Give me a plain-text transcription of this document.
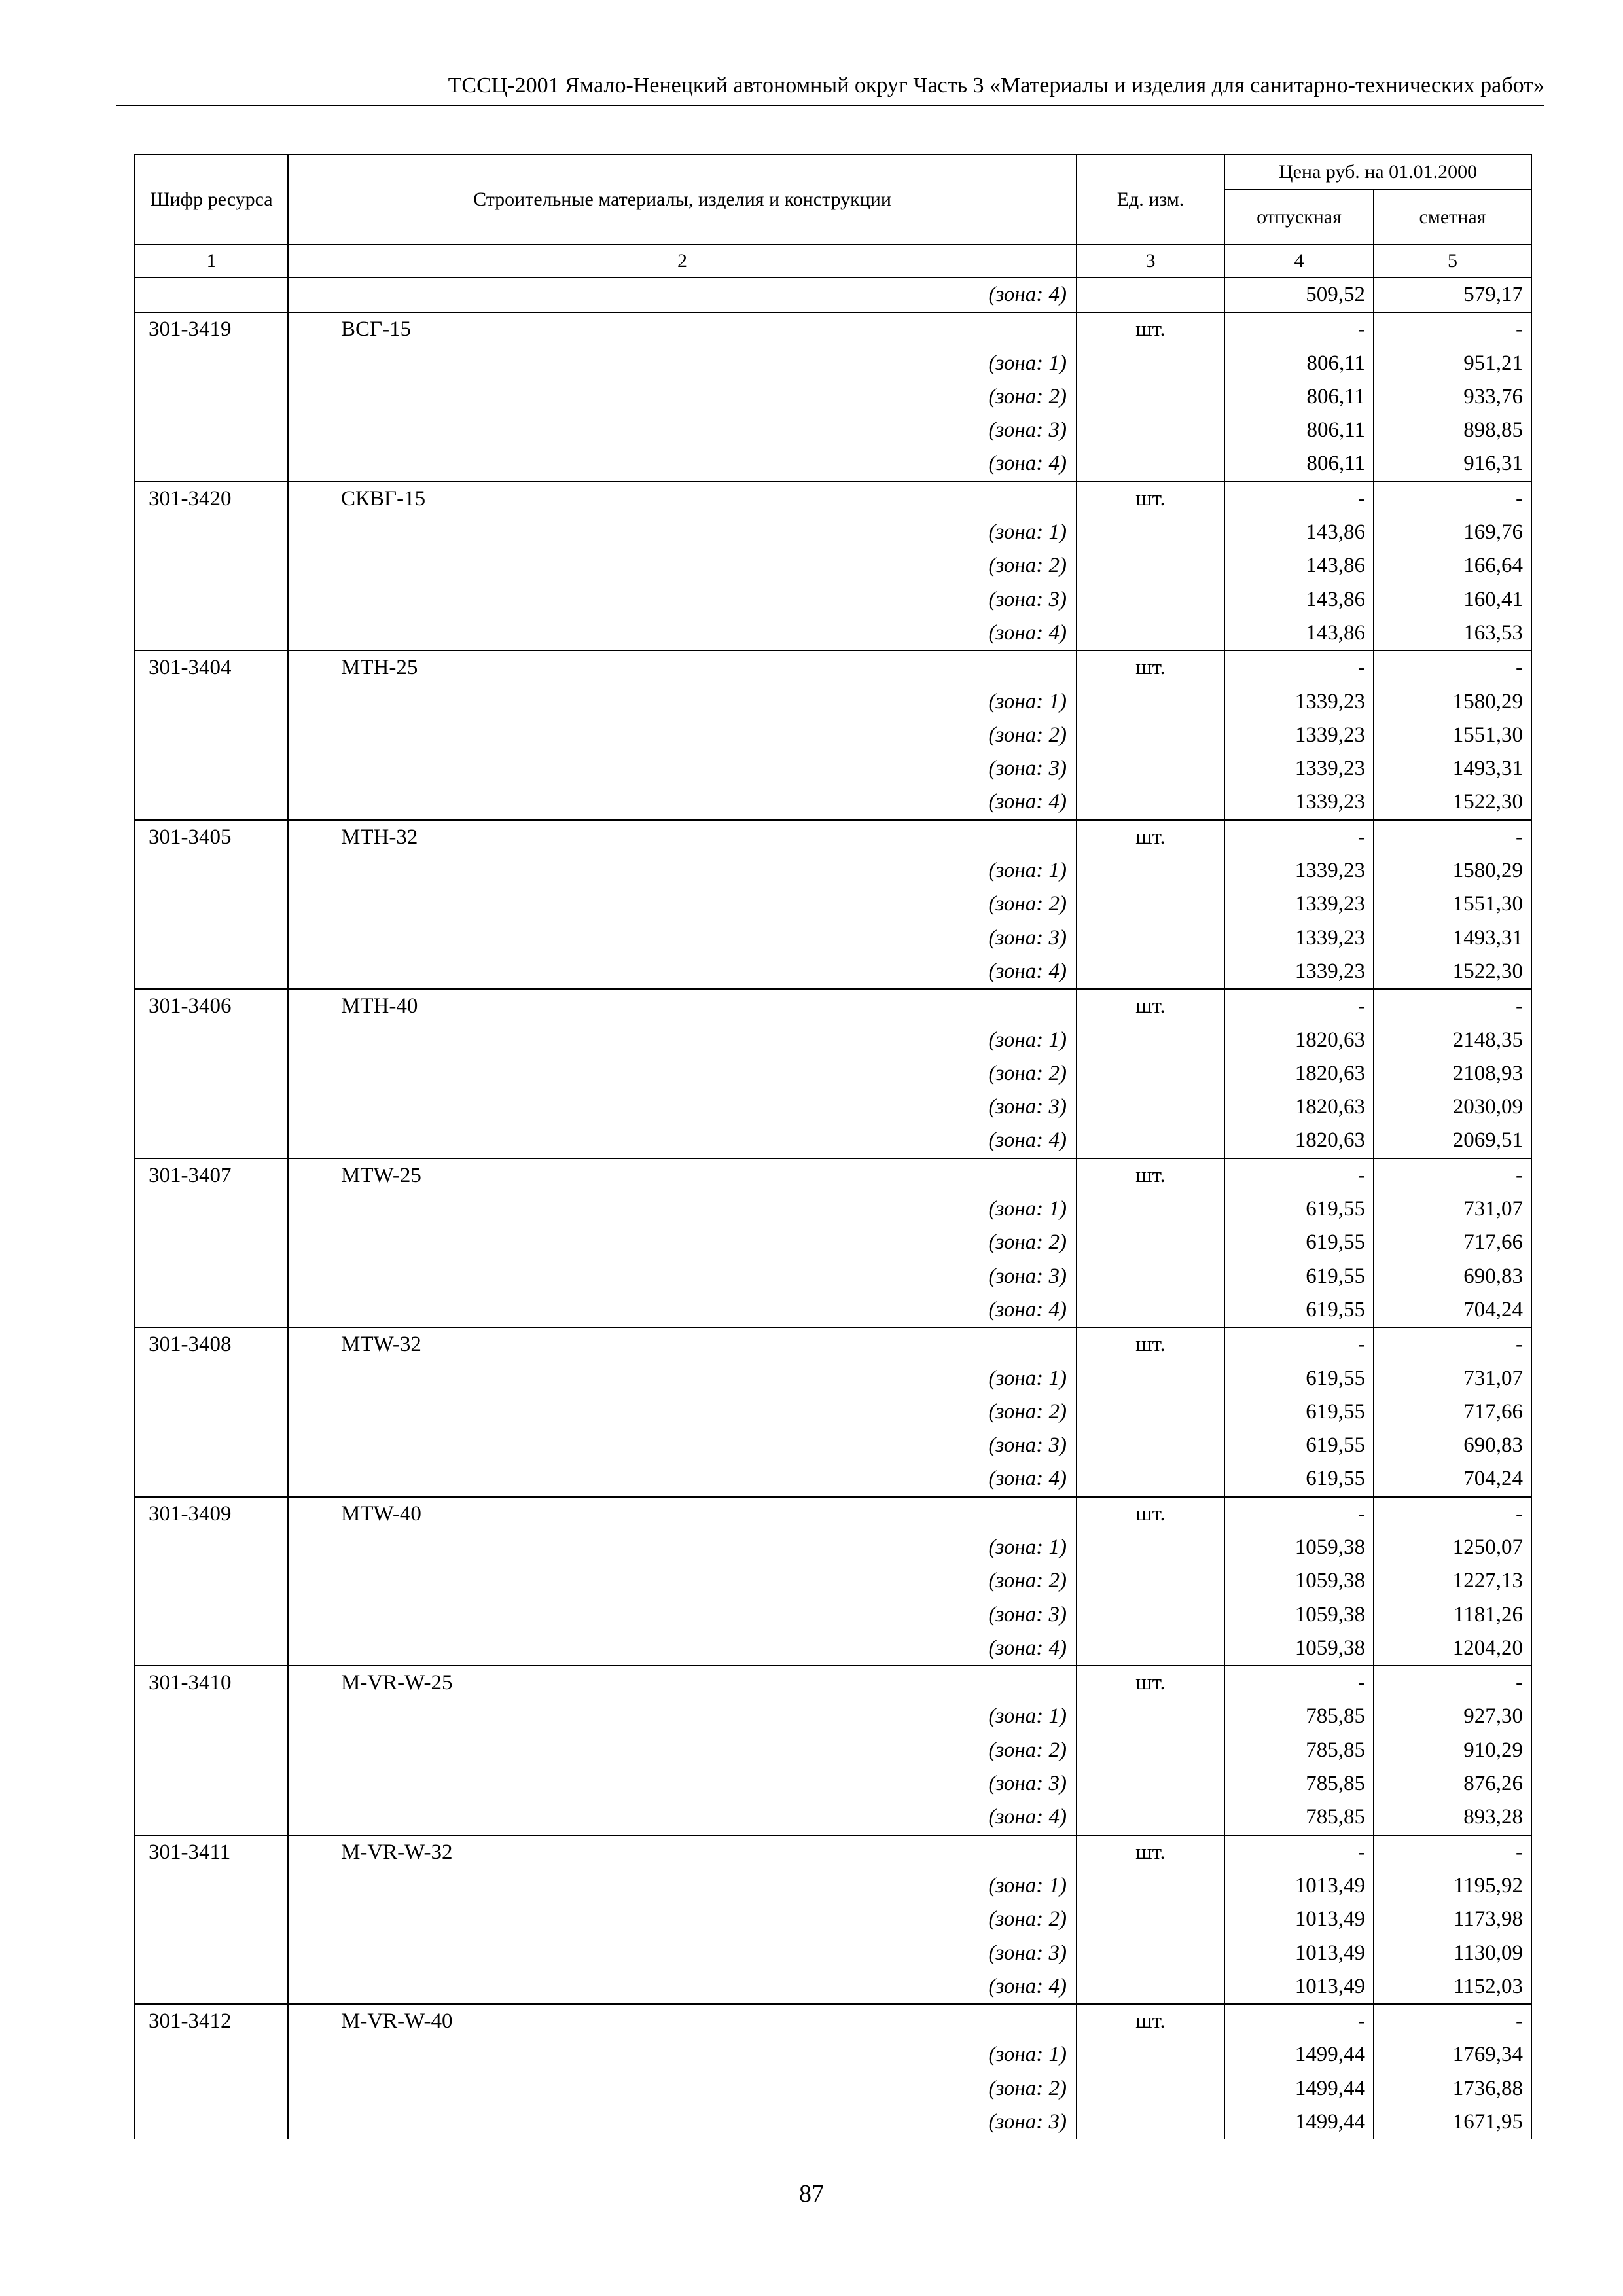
ТССЦ-2001 Ямало-Ненецкий автономный округ Часть 3 «Материалы и изделия для санитарно-технических работ»
Шифр ресурса	Строительные материалы, изделия и конструкции	Ед. изм.	Цена руб. на 01.01.2000	
			отпускная	сметная
1	2	3	4	5
	(зона: 4)		509,52	579,17
301-3419	ВСГ-15	шт.	-	-
	(зона: 1)		806,11	951,21
	(зона: 2)		806,11	933,76
	(зона: 3)		806,11	898,85
	(зона: 4)		806,11	916,31
301-3420	СКВГ-15	шт.	-	-
	(зона: 1)		143,86	169,76
	(зона: 2)		143,86	166,64
	(зона: 3)		143,86	160,41
	(зона: 4)		143,86	163,53
301-3404	MTH-25	шт.	-	-
	(зона: 1)		1339,23	1580,29
	(зона: 2)		1339,23	1551,30
	(зона: 3)		1339,23	1493,31
	(зона: 4)		1339,23	1522,30
301-3405	MTH-32	шт.	-	-
	(зона: 1)		1339,23	1580,29
	(зона: 2)		1339,23	1551,30
	(зона: 3)		1339,23	1493,31
	(зона: 4)		1339,23	1522,30
301-3406	MTH-40	шт.	-	-
	(зона: 1)		1820,63	2148,35
	(зона: 2)		1820,63	2108,93
	(зона: 3)		1820,63	2030,09
	(зона: 4)		1820,63	2069,51
301-3407	MTW-25	шт.	-	-
	(зона: 1)		619,55	731,07
	(зона: 2)		619,55	717,66
	(зона: 3)		619,55	690,83
	(зона: 4)		619,55	704,24
301-3408	MTW-32	шт.	-	-
	(зона: 1)		619,55	731,07
	(зона: 2)		619,55	717,66
	(зона: 3)		619,55	690,83
	(зона: 4)		619,55	704,24
301-3409	MTW-40	шт.	-	-
	(зона: 1)		1059,38	1250,07
	(зона: 2)		1059,38	1227,13
	(зона: 3)		1059,38	1181,26
	(зона: 4)		1059,38	1204,20
301-3410	M-VR-W-25	шт.	-	-
	(зона: 1)		785,85	927,30
	(зона: 2)		785,85	910,29
	(зона: 3)		785,85	876,26
	(зона: 4)		785,85	893,28
301-3411	M-VR-W-32	шт.	-	-
	(зона: 1)		1013,49	1195,92
	(зона: 2)		1013,49	1173,98
	(зона: 3)		1013,49	1130,09
	(зона: 4)		1013,49	1152,03
301-3412	M-VR-W-40	шт.	-	-
	(зона: 1)		1499,44	1769,34
	(зона: 2)		1499,44	1736,88
	(зона: 3)		1499,44	1671,95
87
